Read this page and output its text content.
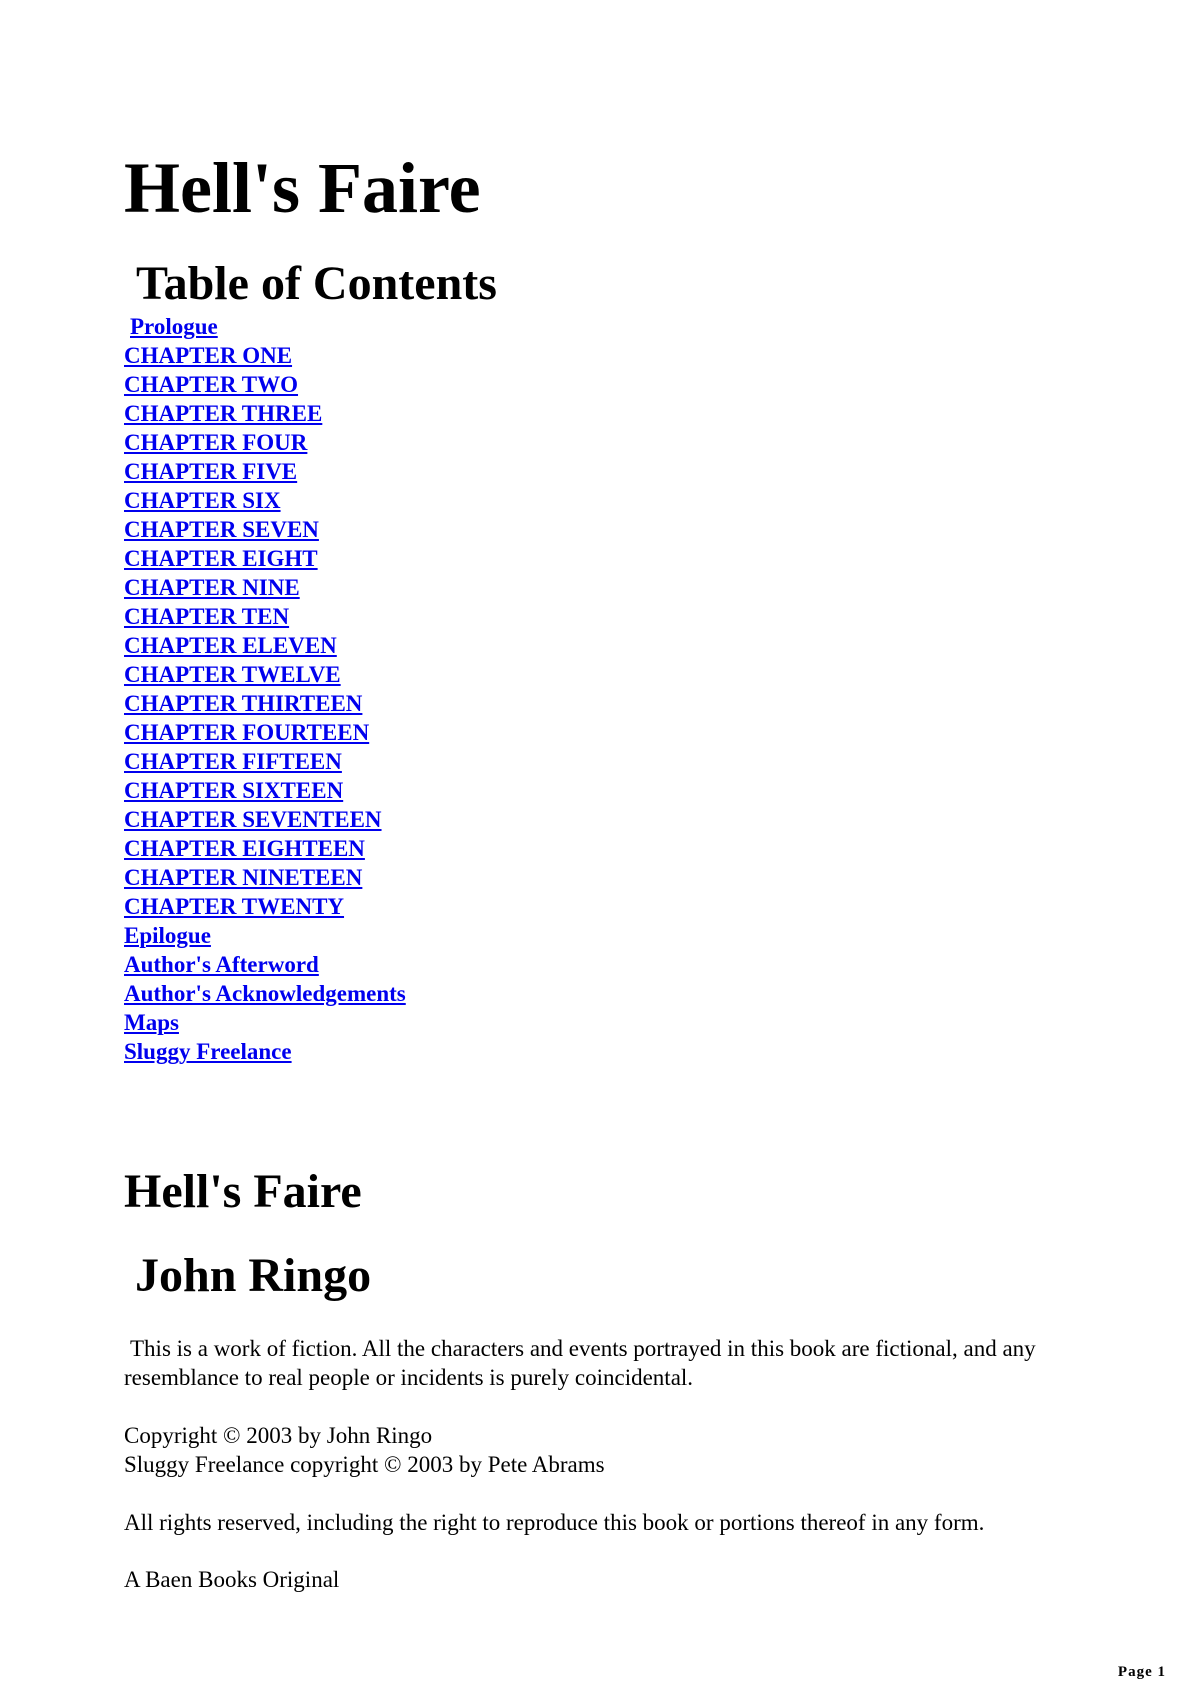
Hell's Faire
Table of Contents
Prologue
CHAPTER ONE
CHAPTER TWO
CHAPTER THREE
CHAPTER FOUR
CHAPTER FIVE
CHAPTER SIX
CHAPTER SEVEN
CHAPTER EIGHT
CHAPTER NINE
CHAPTER TEN
CHAPTER ELEVEN
CHAPTER TWELVE
CHAPTER THIRTEEN
CHAPTER FOURTEEN
CHAPTER FIFTEEN
CHAPTER SIXTEEN
CHAPTER SEVENTEEN
CHAPTER EIGHTEEN
CHAPTER NINETEEN
CHAPTER TWENTY
Epilogue
Author's Afterword
Author's Acknowledgements
Maps
Sluggy Freelance
Hell's Faire
John Ringo

This is a work of fiction. All the characters and events portrayed in this book are fictional, and any resemblance to real people or incidents is purely coincidental.

Copyright © 2003 by John Ringo
Sluggy Freelance copyright © 2003 by Pete Abrams

All rights reserved, including the right to reproduce this book or portions thereof in any form.

A Baen Books Original

Page 1
